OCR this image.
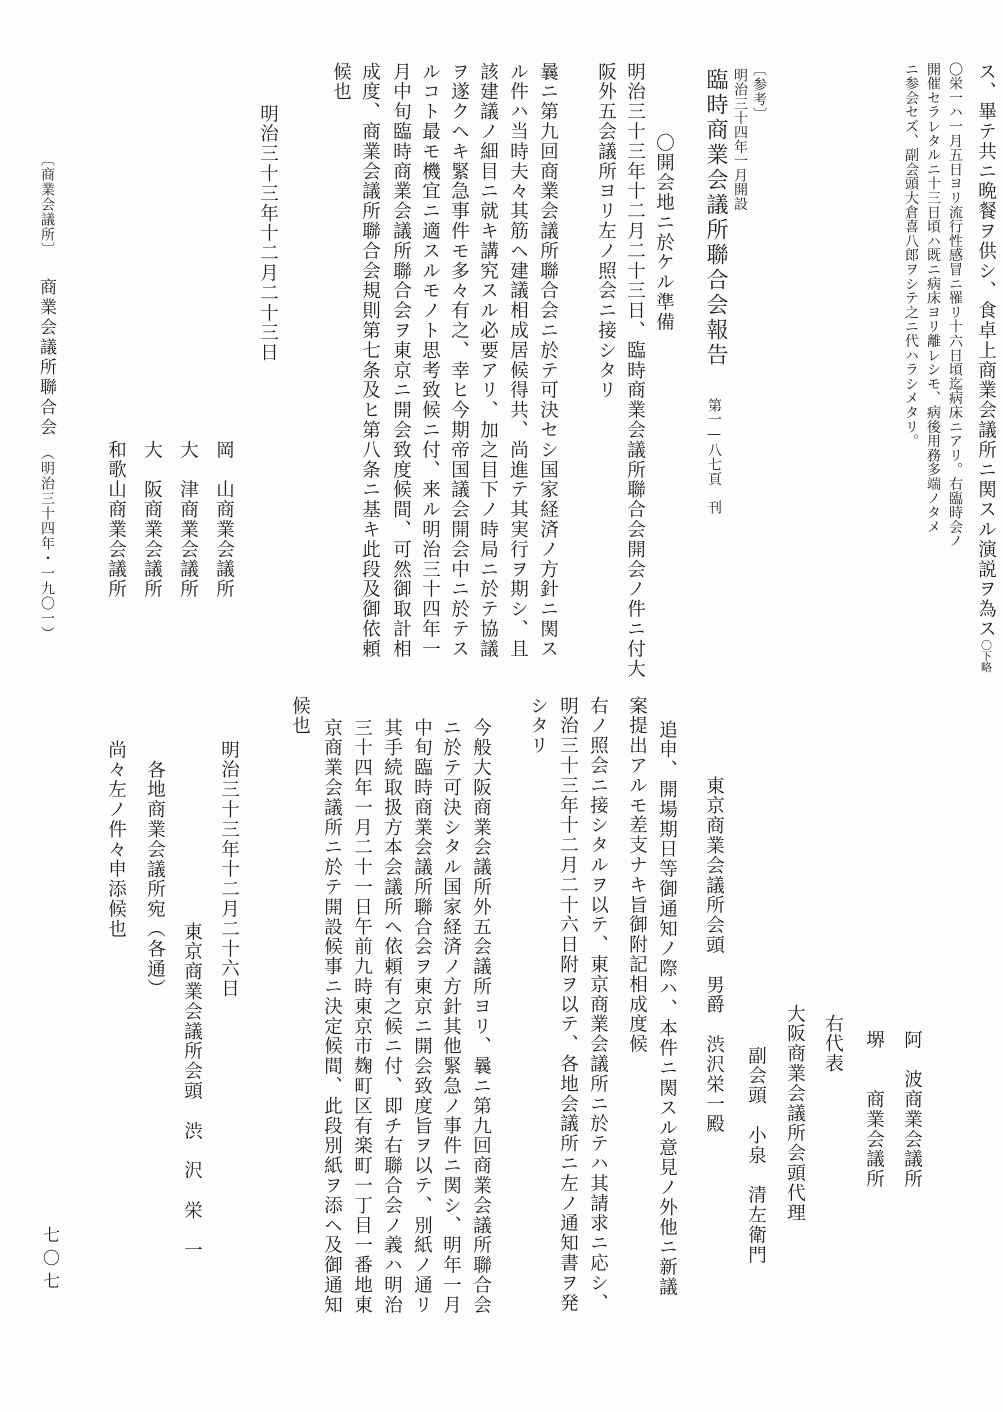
ス、畢テ共ニ晩餐ヲ供シ、食卓上商業会議所ニ関スル演説ヲ為ス〇下略
〇栄一ハ一月五日ヨリ流行性感冒ニ罹リ十六日頃迄病床ニアリ。右臨時会ノ
開催セラレタルニ十三日頃ハ既ニ病床ヨリ離レシモ、病後用務多端ノタメ
ニ参会セズ、副会頭大倉喜八郎ヲシテ之ニ代ハラシメタリ。
〔参考〕
明治三十四年一月開設
臨時商業会議所聯合会報告
第一—八七頁　刊
〇開会地ニ於ケル準備
明治三十三年十二月二十三日、臨時商業会議所聯合会開会ノ件ニ付大
阪外五会議所ヨリ左ノ照会ニ接シタリ
曩ニ第九回商業会議所聯合会ニ於テ可決セシ国家経済ノ方針ニ関ス
ル件ハ当時夫々其筋ヘ建議相成居候得共、尚進テ其実行ヲ期シ、且
該建議ノ細目ニ就キ講究スル必要アリ、加之目下ノ時局ニ於テ協議
ヲ遂クヘキ緊急事件モ多々有之、幸ヒ今期帝国議会開会中ニ於テス
ルコト最モ機宜ニ適スルモノト思考致候ニ付、来ル明治三十四年一
月中旬臨時商業会議所聯合会ヲ東京ニ開会致度候間、可然御取計相
成度、商業会議所聯合会規則第七条及ヒ第八条ニ基キ此段及御依頼
候也
明治三十三年十二月二十三日
岡　山商業会議所
大　津商業会議所
大　阪商業会議所
和歌山商業会議所
阿　波商業会議所
堺　　商業会議所
右代表
大阪商業会議所会頭代理
副会頭　小泉　清左衛門
東京商業会議所会頭　男爵　渋沢栄一殿
追申、開場期日等御通知ノ際ハ、本件ニ関スル意見ノ外他ニ新議
案提出アルモ差支ナキ旨御附記相成度候
右ノ照会ニ接シタルヲ以テ、東京商業会議所ニ於テハ其請求ニ応シ、
明治三十三年十二月二十六日附ヲ以テ、各地会議所ニ左ノ通知書ヲ発
シタリ
今般大阪商業会議所外五会議所ヨリ、曩ニ第九回商業会議所聯合会
ニ於テ可決シタル国家経済ノ方針其他緊急ノ事件ニ関シ、明年一月
中旬臨時商業会議所聯合会ヲ東京ニ開会致度旨ヲ以テ、別紙ノ通リ
其手続取扱方本会議所ヘ依頼有之候ニ付、即チ右聯合会ノ義ハ明治
三十四年一月二十一日午前九時東京市麹町区有楽町一丁目一番地東
京商業会議所ニ於テ開設候事ニ決定候間、此段別紙ヲ添ヘ及御通知
候也
明治三十三年十二月二十六日
東京商業会議所会頭　渋　沢　栄　一
各地商業会議所宛（各通）
尚々左ノ件々申添候也
七〇七
〔商業会議所〕
商業会議所聯合会
（明治三十四年・一九〇一）
